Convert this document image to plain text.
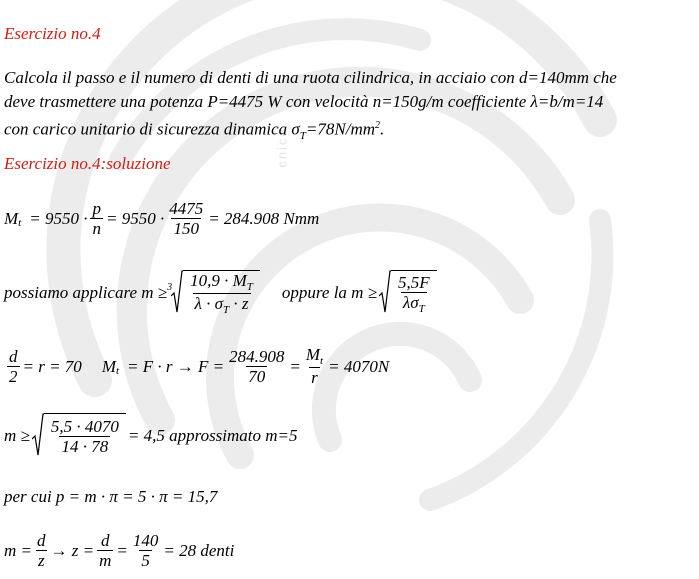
cnica
Esercizio no.4
Calcola il passo e il numero di denti di una ruota cilindrica, in acciaio con d=140mm che
deve trasmettere una potenza P=4475 W con velocità n=150g/m coefficiente λ=b/m=14
con carico unitario di sicurezza dinamica $\sigma_T=78N/mm^2$.
Esercizio no.4:soluzione
M $t = 9550 \cdot \frac{p}{n} = 9550 \cdot \frac{4475}{150} = 284.908$ Nmm
possiamo applicare $m \ge 3 \frac{10,9 \cdot M_T}{\lambda \cdot \sigma_T \cdot z}$ oppure la $m \ge \frac{5,5F}{\lambda\sigma_T}$
$\frac{d}{2} = r = 70$ M $t = F \cdot r \to F = \frac{284.908}{70} = \frac{M_t}{r} = 4070N$
$m \ge \frac{5,5 \cdot 4070}{14 \cdot 78} = 4,5$ approssimato m=5
per cui p = m · π = 5 · π = 15,7
$m = \frac{d}{z} \to z = \frac{d}{m} = \frac{140}{5} = 28$ denti
